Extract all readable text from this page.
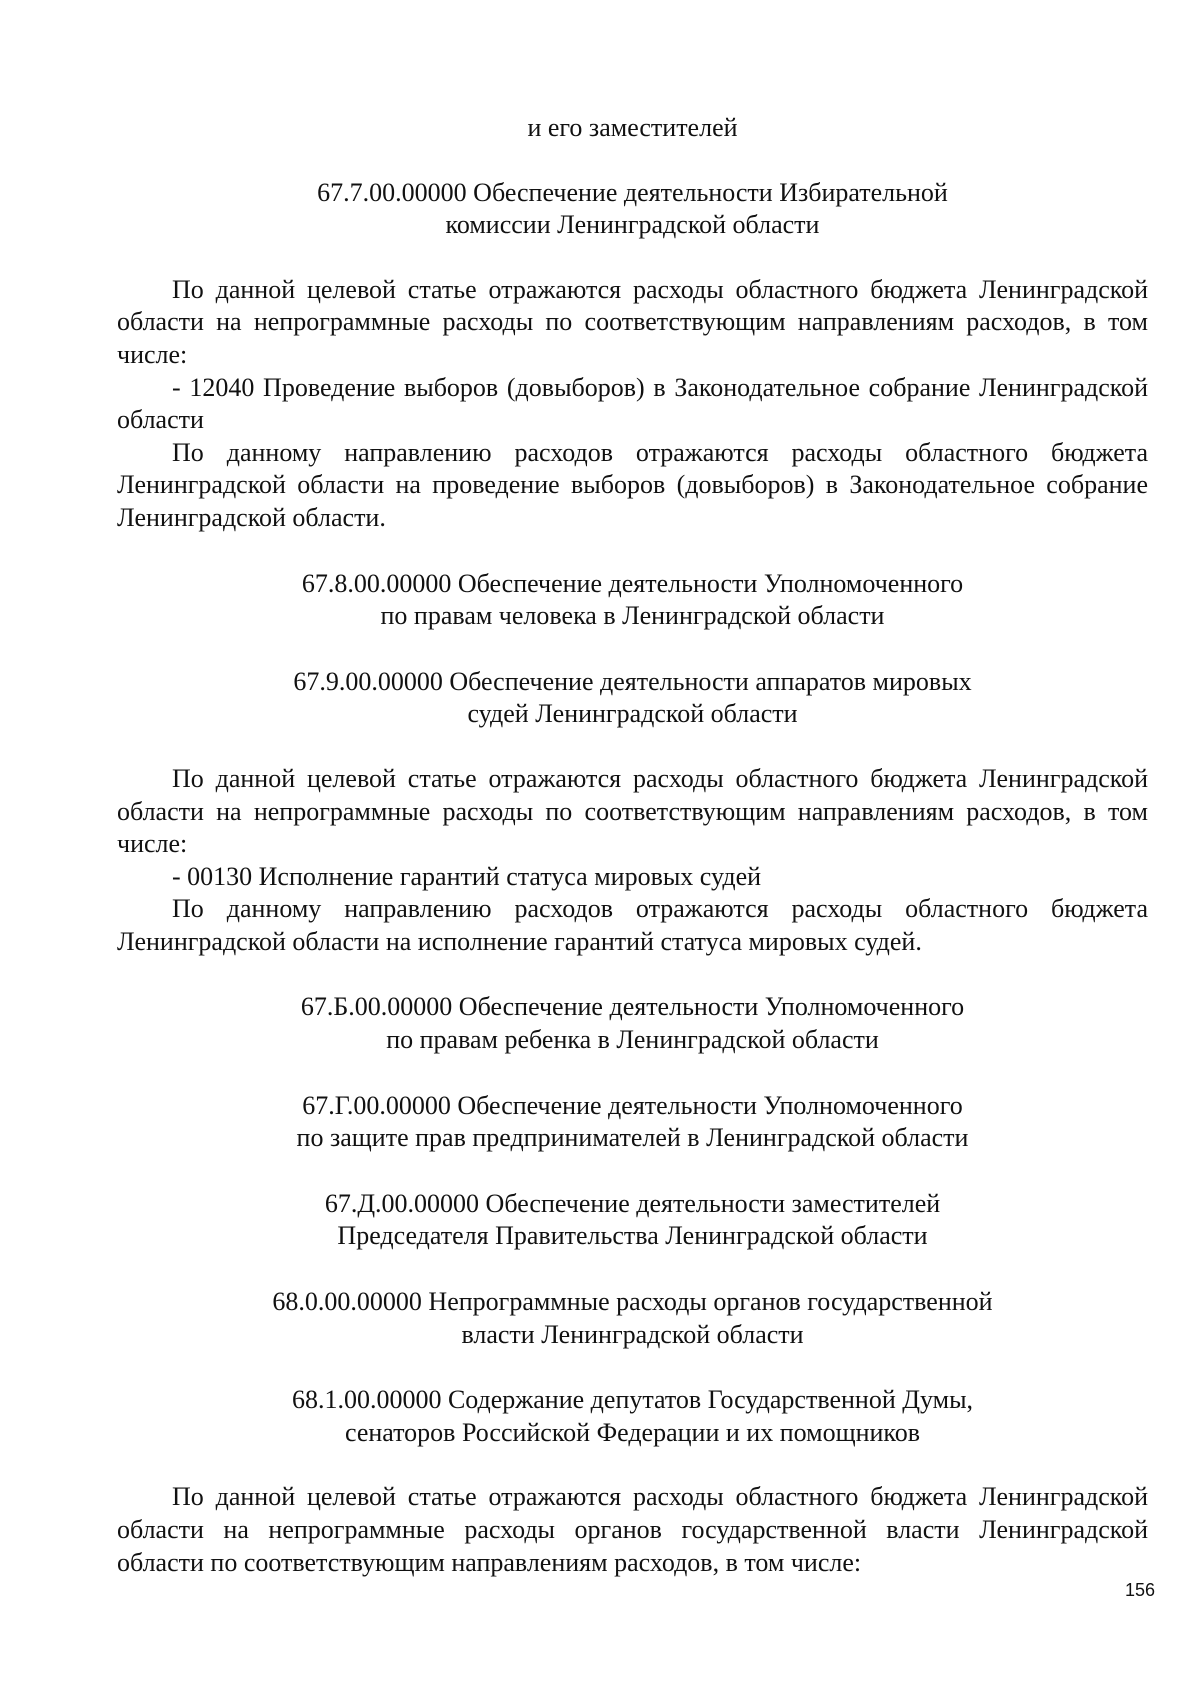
и его заместителей

67.7.00.00000 Обеспечение деятельности Избирательной
комиссии Ленинградской области

По данной целевой статье отражаются расходы областного бюджета Ленинградской области на непрограммные расходы по соответствующим направлениям расходов, в том числе:

- 12040 Проведение выборов (довыборов) в Законодательное собрание Ленинградской области

По данному направлению расходов отражаются расходы областного бюджета Ленинградской области на проведение выборов (довыборов) в Законодательное собрание Ленинградской области.

67.8.00.00000 Обеспечение деятельности Уполномоченного
по правам человека в Ленинградской области
67.9.00.00000 Обеспечение деятельности аппаратов мировых
судей Ленинградской области

По данной целевой статье отражаются расходы областного бюджета Ленинградской области на непрограммные расходы по соответствующим направлениям расходов, в том числе:

- 00130 Исполнение гарантий статуса мировых судей

По данному направлению расходов отражаются расходы областного бюджета Ленинградской области на исполнение гарантий статуса мировых судей.

67.Б.00.00000 Обеспечение деятельности Уполномоченного
по правам ребенка в Ленинградской области
67.Г.00.00000 Обеспечение деятельности Уполномоченного
по защите прав предпринимателей в Ленинградской области
67.Д.00.00000 Обеспечение деятельности заместителей
Председателя Правительства Ленинградской области
68.0.00.00000 Непрограммные расходы органов государственной
власти Ленинградской области
68.1.00.00000 Содержание депутатов Государственной Думы,
сенаторов Российской Федерации и их помощников

По данной целевой статье отражаются расходы областного бюджета Ленинградской области на непрограммные расходы органов государственной власти Ленинградской области по соответствующим направлениям расходов, в том числе:

156
